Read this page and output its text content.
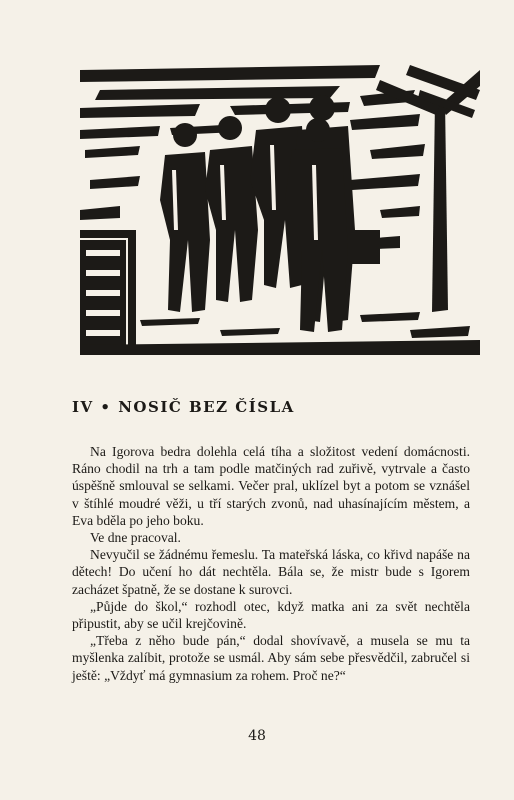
IV • NOSIČ BEZ ČÍSLA

Na Igorova bedra dolehla celá tíha a složitost vedení domácnosti. Ráno chodil na trh a tam podle matčiných rad zuřivě, vytrvale a často úspěšně smlouval se selkami. Večer pral, uklízel byt a potom se vznášel v štíhlé moudré věži, u tří starých zvonů, nad uhasínajícím městem, a Eva bděla po jeho boku.

Ve dne pracoval.

Nevyučil se žádnému řemeslu. Ta mateřská láska, co křivd napáše na dětech! Do učení ho dát nechtěla. Bála se, že mistr bude s Igorem zacházet špatně, že se dostane k surovci.

„Půjde do škol,“ rozhodl otec, když matka ani za svět nechtěla připustit, aby se učil krejčovině.

„Třeba z něho bude pán,“ dodal shovívavě, a musela se mu ta myšlenka zalíbit, protože se usmál. Aby sám sebe přesvědčil, zabručel si ještě: „Vždyť má gymnasium za rohem. Proč ne?“

48
